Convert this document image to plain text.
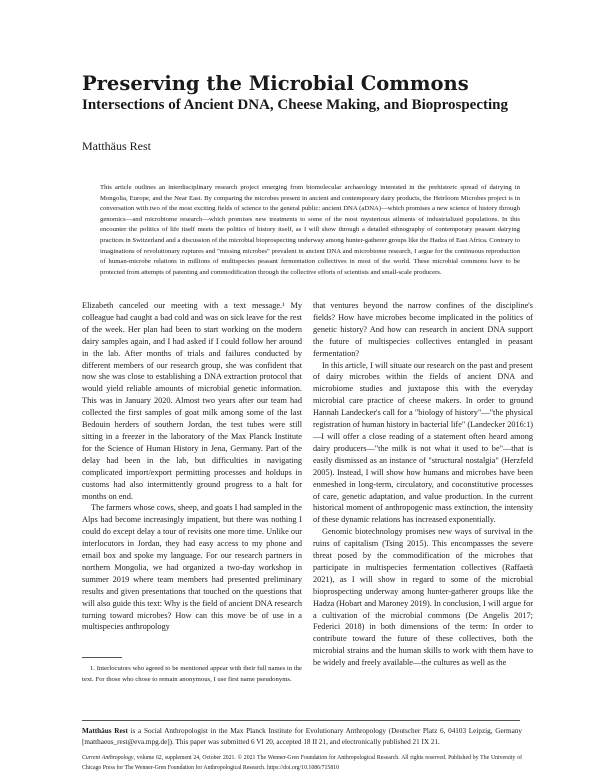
Preserving the Microbial Commons
Intersections of Ancient DNA, Cheese Making, and Bioprospecting

Matthäus Rest

This article outlines an interdisciplinary research project emerging from biomolecular archaeology interested in the prehistoric spread of dairying in Mongolia, Europe, and the Near East. By comparing the microbes present in ancient and contemporary dairy products, the Heirloom Microbes project is in conversation with two of the most exciting fields of science to the general public: ancient DNA (aDNA)—which promises a new science of history through genomics—and microbiome research—which promises new treatments to some of the most mysterious ailments of industrialized populations. In this encounter the politics of life itself meets the politics of history itself, as I will show through a detailed ethnography of contemporary peasant dairying practices in Switzerland and a discussion of the microbial bioprospecting underway among hunter-gatherer groups like the Hadza of East Africa. Contrary to imaginations of revolutionary ruptures and "missing microbes" prevalent in ancient DNA and microbiome research, I argue for the continuous reproduction of human-microbe relations in millions of multispecies peasant fermentation collectives in most of the world. These microbial commons have to be protected from attempts of patenting and commodification through the collective efforts of scientists and small-scale producers.

Elizabeth canceled our meeting with a text message.¹ My colleague had caught a bad cold and was on sick leave for the rest of the week. Her plan had been to start working on the modern dairy samples again, and I had asked if I could follow her around in the lab. After months of trials and failures conducted by different members of our research group, she was confident that now she was close to establishing a DNA extraction protocol that would yield reliable amounts of microbial genetic information. This was in January 2020. Almost two years after our team had collected the first samples of goat milk among some of the last Bedouin herders of southern Jordan, the test tubes were still sitting in a freezer in the laboratory of the Max Planck Institute for the Science of Human History in Jena, Germany. Part of the delay had been in the lab, but difficulties in navigating complicated import/export permitting processes and holdups in customs had also intermittently ground progress to a halt for months on end.

The farmers whose cows, sheep, and goats I had sampled in the Alps had become increasingly impatient, but there was nothing I could do except delay a tour of revisits one more time. Unlike our interlocutors in Jordan, they had easy access to my phone and email box and spoke my language. For our research partners in northern Mongolia, we had organized a two-day workshop in summer 2019 where team members had presented preliminary results and given presentations that touched on the questions that will also guide this text: Why is the field of ancient DNA research turning toward microbes? How can this move be of use in a multispecies anthropology

that ventures beyond the narrow confines of the discipline's fields? How have microbes become implicated in the politics of genetic history? And how can research in ancient DNA support the future of multispecies collectives entangled in peasant fermentation?

In this article, I will situate our research on the past and present of dairy microbes within the fields of ancient DNA and microbiome studies and juxtapose this with the everyday microbial care practice of cheese makers. In order to ground Hannah Landecker's call for a "biology of history"—"the physical registration of human history in bacterial life" (Landecker 2016:1)—I will offer a close reading of a statement often heard among dairy producers—"the milk is not what it used to be"—that is easily dismissed as an instance of "structural nostalgia" (Herzfeld 2005). Instead, I will show how humans and microbes have been enmeshed in long-term, circulatory, and coconstitutive processes of care, genetic adaptation, and value production. In the current historical moment of anthropogenic mass extinction, the intensity of these dynamic relations has increased exponentially.

Genomic biotechnology promises new ways of survival in the ruins of capitalism (Tsing 2015). This encompasses the severe threat posed by the commodification of the microbes that participate in multispecies fermentation collectives (Raffaetà 2021), as I will show in regard to some of the microbial bioprospecting underway among hunter-gatherer groups like the Hadza (Hobart and Maroney 2019). In conclusion, I will argue for a cultivation of the microbial commons (De Angelis 2017; Federici 2018) in both dimensions of the term: In order to contribute toward the future of these collectives, both the microbial strains and the human skills to work with them have to be widely and freely available—the cultures as well as the

1. Interlocutors who agreed to be mentioned appear with their full names in the text. For those who chose to remain anonymous, I use first name pseudonyms.

Matthäus Rest is a Social Anthropologist in the Max Planck Institute for Evolutionary Anthropology (Deutscher Platz 6, 04103 Leipzig, Germany [matthaeus_rest@eva.mpg.de]). This paper was submitted 6 VI 20, accepted 18 II 21, and electronically published 21 IX 21.

Current Anthropology, volume 62, supplement 24, October 2021. © 2021 The Wenner-Gren Foundation for Anthropological Research. All rights reserved. Published by The University of Chicago Press for The Wenner-Gren Foundation for Anthropological Research. https://doi.org/10.1086/715810
